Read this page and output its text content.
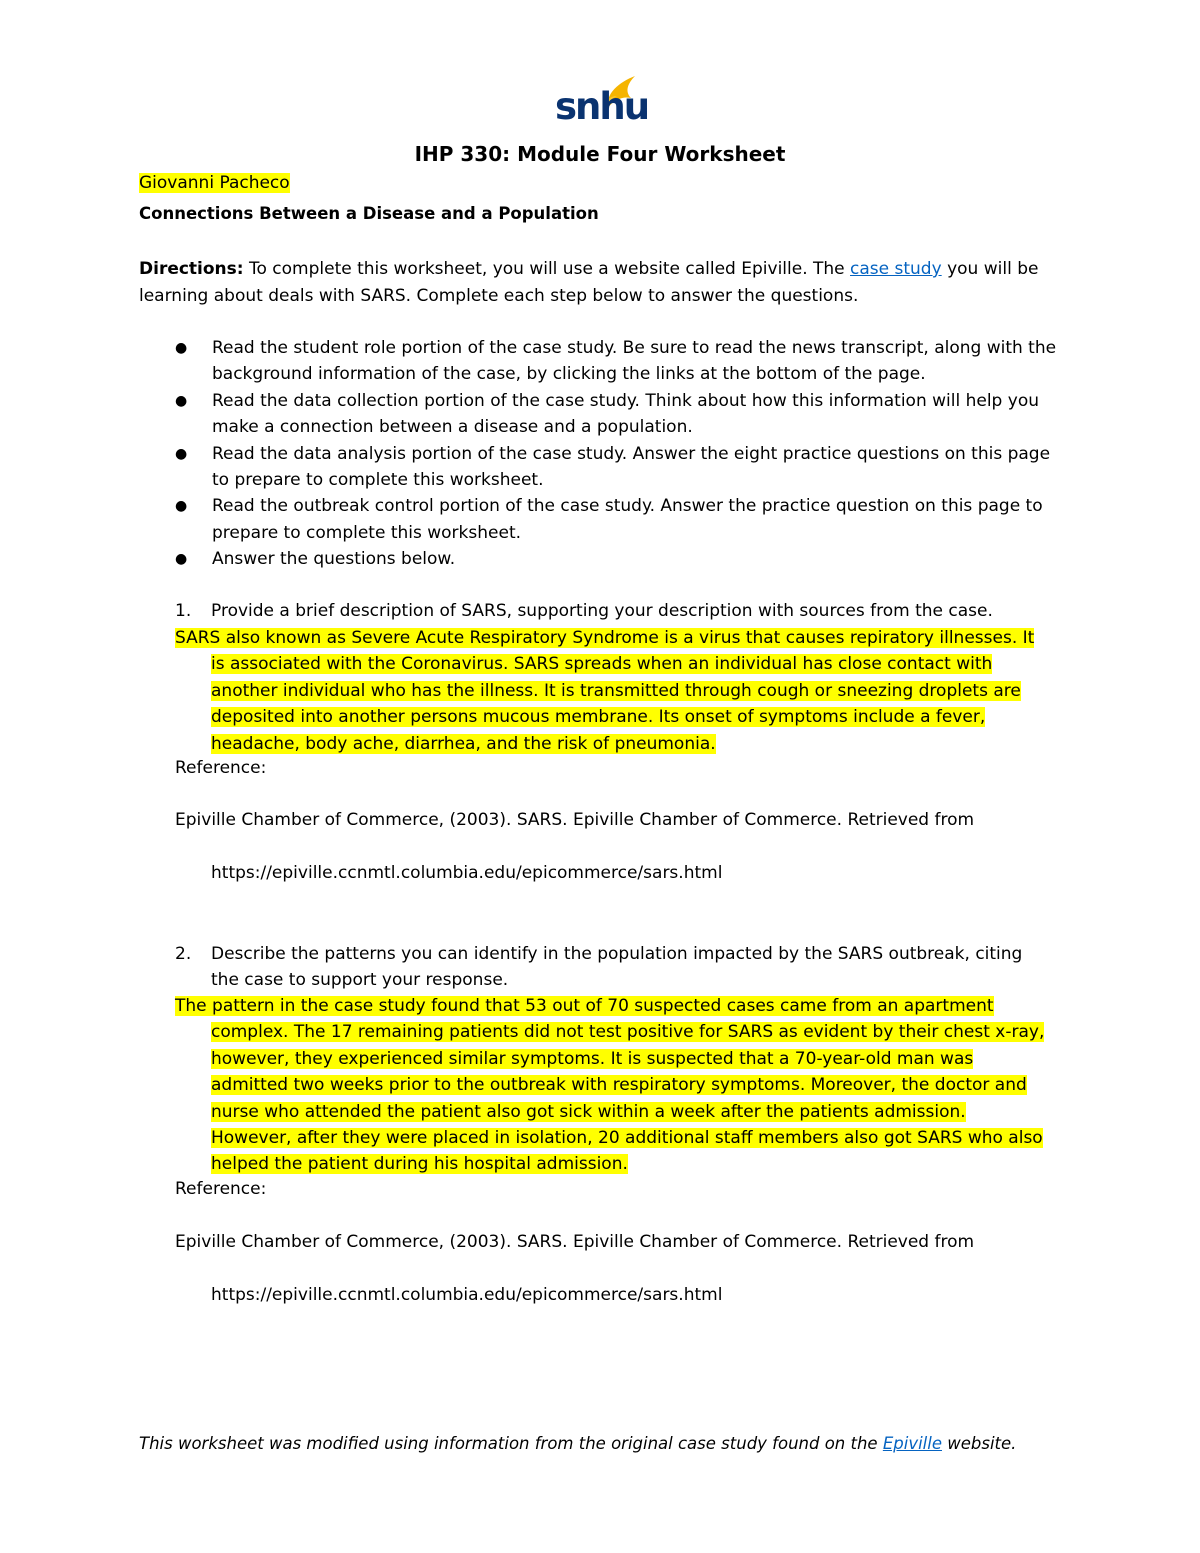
snhu
IHP 330: Module Four Worksheet
Giovanni Pacheco
Connections Between a Disease and a Population
Directions: To complete this worksheet, you will use a website called Epiville. The case study you will be learning about deals with SARS. Complete each step below to answer the questions.
● Read the student role portion of the case study. Be sure to read the news transcript, along with the background information of the case, by clicking the links at the bottom of the page.
● Read the data collection portion of the case study. Think about how this information will help you make a connection between a disease and a population.
● Read the data analysis portion of the case study. Answer the eight practice questions on this page to prepare to complete this worksheet.
● Read the outbreak control portion of the case study. Answer the practice question on this page to prepare to complete this worksheet.
● Answer the questions below.
1.	Provide a brief description of SARS, supporting your description with sources from the case.
SARS also known as Severe Acute Respiratory Syndrome is a virus that causes repiratory illnesses. It
is associated with the Coronavirus. SARS spreads when an individual has close contact with
another individual who has the illness. It is transmitted through cough or sneezing droplets are
deposited into another persons mucous membrane. Its onset of symptoms include a fever,
headache, body ache, diarrhea, and the risk of pneumonia.
Reference:
Epiville Chamber of Commerce, (2003). SARS. Epiville Chamber of Commerce. Retrieved from
https://epiville.ccnmtl.columbia.edu/epicommerce/sars.html
2.	Describe the patterns you can identify in the population impacted by the SARS outbreak, citing the case to support your response.
The pattern in the case study found that 53 out of 70 suspected cases came from an apartment
complex. The 17 remaining patients did not test positive for SARS as evident by their chest x-ray,
however, they experienced similar symptoms. It is suspected that a 70-year-old man was
admitted two weeks prior to the outbreak with respiratory symptoms. Moreover, the doctor and
nurse who attended the patient also got sick within a week after the patients admission.
However, after they were placed in isolation, 20 additional staff members also got SARS who also
helped the patient during his hospital admission.
Reference:
Epiville Chamber of Commerce, (2003). SARS. Epiville Chamber of Commerce. Retrieved from
https://epiville.ccnmtl.columbia.edu/epicommerce/sars.html
This worksheet was modified using information from the original case study found on the Epiville website.
